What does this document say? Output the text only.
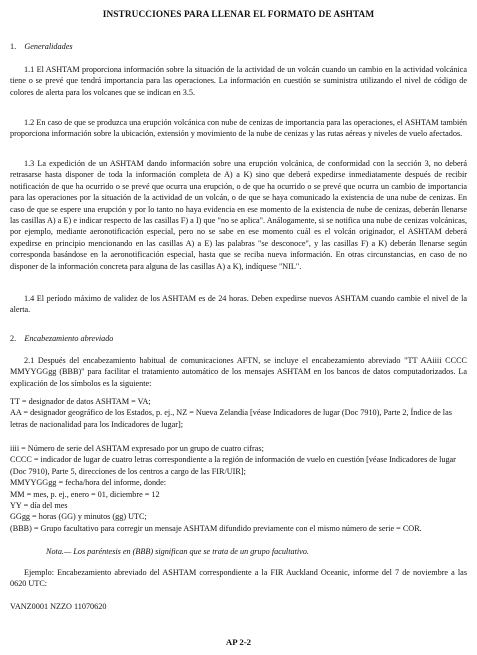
INSTRUCCIONES PARA LLENAR EL FORMATO DE ASHTAM
1. Generalidades
1.1 El ASHTAM proporciona información sobre la situación de la actividad de un volcán cuando un cambio en la actividad volcánica tiene o se prevé que tendrá importancia para las operaciones. La información en cuestión se suministra utilizando el nivel de código de colores de alerta para los volcanes que se indican en 3.5.
1.2 En caso de que se produzca una erupción volcánica con nube de cenizas de importancia para las operaciones, el ASHTAM también proporciona información sobre la ubicación, extensión y movimiento de la nube de cenizas y las rutas aéreas y niveles de vuelo afectados.
1.3 La expedición de un ASHTAM dando información sobre una erupción volcánica, de conformidad con la sección 3, no deberá retrasarse hasta disponer de toda la información completa de A) a K) sino que deberá expedirse inmediatamente después de recibir notificación de que ha ocurrido o se prevé que ocurra una erupción, o de que ha ocurrido o se prevé que ocurra un cambio de importancia para las operaciones por la situación de la actividad de un volcán, o de que se haya comunicado la existencia de una nube de cenizas. En caso de que se espere una erupción y por lo tanto no haya evidencia en ese momento de la existencia de nube de cenizas, deberán llenarse las casillas A) a E) e indicar respecto de las casillas F) a I) que "no se aplica". Análogamente, si se notifica una nube de cenizas volcánicas, por ejemplo, mediante aeronotificación especial, pero no se sabe en ese momento cuál es el volcán originador, el ASHTAM deberá expedirse en principio mencionando en las casillas A) a E) las palabras "se desconoce", y las casillas F) a K) deberán llenarse según corresponda basándose en la aeronotificación especial, hasta que se reciba nueva información. En otras circunstancias, en caso de no disponer de la información concreta para alguna de las casillas A) a K), indíquese "NIL".
1.4 El período máximo de validez de los ASHTAM es de 24 horas. Deben expedirse nuevos ASHTAM cuando cambie el nivel de la alerta.
2. Encabezamiento abreviado
2.1 Después del encabezamiento habitual de comunicaciones AFTN, se incluye el encabezamiento abreviado "TT AAiiii CCCC MMYYGGgg (BBB)" para facilitar el tratamiento automático de los mensajes ASHTAM en los bancos de datos computadorizados. La explicación de los símbolos es la siguiente:
TT = designador de datos ASHTAM = VA;
AA = designador geográfico de los Estados, p. ej., NZ = Nueva Zelandia [véase Indicadores de lugar (Doc 7910), Parte 2, Índice de las letras de nacionalidad para los Indicadores de lugar];
iiii = Número de serie del ASHTAM expresado por un grupo de cuatro cifras;
CCCC = indicador de lugar de cuatro letras correspondiente a la región de información de vuelo en cuestión [véase Indicadores de lugar (Doc 7910), Parte 5, direcciones de los centros a cargo de las FIR/UIR];
MMYYGGgg = fecha/hora del informe, donde:
MM = mes, p. ej., enero = 01, diciembre = 12
YY = día del mes
GGgg = horas (GG) y minutos (gg) UTC;
(BBB) = Grupo facultativo para corregir un mensaje ASHTAM difundido previamente con el mismo número de serie = COR.
Nota.— Los paréntesis en (BBB) significan que se trata de un grupo facultativo.
Ejemplo: Encabezamiento abreviado del ASHTAM correspondiente a la FIR Auckland Oceanic, informe del 7 de noviembre a las 0620 UTC:
VANZ0001 NZZO 11070620
AP 2-2
